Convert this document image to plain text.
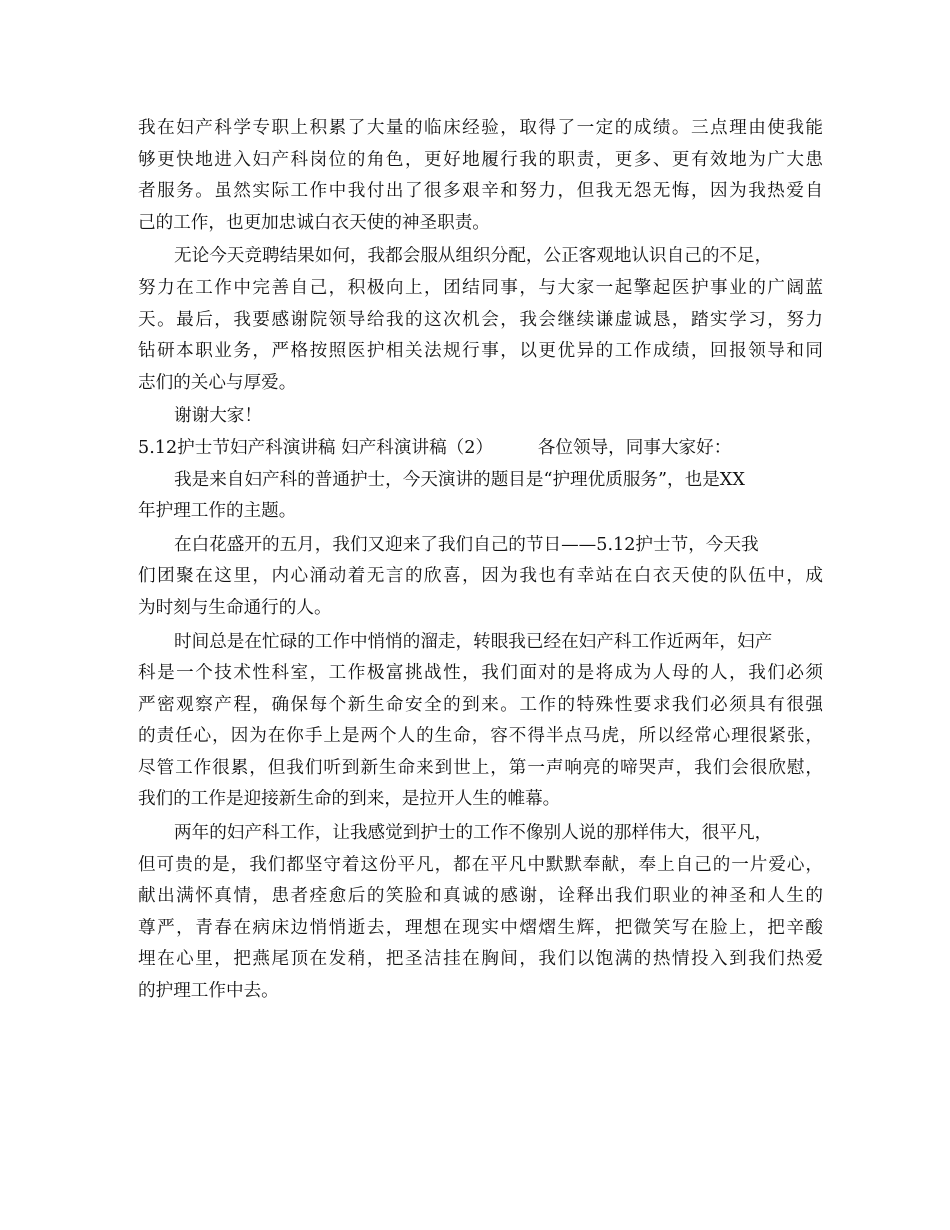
我在妇产科学专职上积累了大量的临床经验，取得了一定的成绩。三点理由使我能
够更快地进入妇产科岗位的角色，更好地履行我的职责，更多、更有效地为广大患
者服务。虽然实际工作中我付出了很多艰辛和努力，但我无怨无悔，因为我热爱自
己的工作，也更加忠诚白衣天使的神圣职责。
无论今天竞聘结果如何，我都会服从组织分配，公正客观地认识自己的不足，
努力在工作中完善自己，积极向上，团结同事，与大家一起擎起医护事业的广阔蓝
天。最后，我要感谢院领导给我的这次机会，我会继续谦虚诚恳，踏实学习，努力
钻研本职业务，严格按照医护相关法规行事，以更优异的工作成绩，回报领导和同
志们的关心与厚爱。
谢谢大家！
5.12护士节妇产科演讲稿 妇产科演讲稿（2）        各位领导，同事大家好：
我是来自妇产科的普通护士，今天演讲的题目是“护理优质服务”，也是XX
年护理工作的主题。
在白花盛开的五月，我们又迎来了我们自己的节日——5.12护士节，今天我
们团聚在这里，内心涌动着无言的欣喜，因为我也有幸站在白衣天使的队伍中，成
为时刻与生命通行的人。
时间总是在忙碌的工作中悄悄的溜走，转眼我已经在妇产科工作近两年，妇产
科是一个技术性科室，工作极富挑战性，我们面对的是将成为人母的人，我们必须
严密观察产程，确保每个新生命安全的到来。工作的特殊性要求我们必须具有很强
的责任心，因为在你手上是两个人的生命，容不得半点马虎，所以经常心理很紧张，
尽管工作很累，但我们听到新生命来到世上，第一声响亮的啼哭声，我们会很欣慰，
我们的工作是迎接新生命的到来，是拉开人生的帷幕。
两年的妇产科工作，让我感觉到护士的工作不像别人说的那样伟大，很平凡，
但可贵的是，我们都坚守着这份平凡，都在平凡中默默奉献，奉上自己的一片爱心，
献出满怀真情，患者痊愈后的笑脸和真诚的感谢，诠释出我们职业的神圣和人生的
尊严，青春在病床边悄悄逝去，理想在现实中熠熠生辉，把微笑写在脸上，把辛酸
埋在心里，把燕尾顶在发稍，把圣洁挂在胸间，我们以饱满的热情投入到我们热爱
的护理工作中去。
